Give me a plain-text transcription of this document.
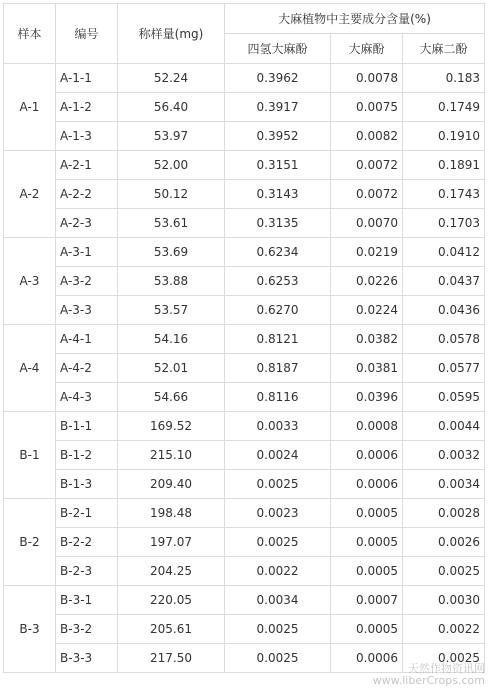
样本	编号	称样量(mg)	大麻植物中主要成分含量(%)		
			四氢大麻酚	大麻酚	大麻二酚
A-1	A-1-1	52.24	0.3962	0.0078	0.183
	A-1-2	56.40	0.3917	0.0075	0.1749
	A-1-3	53.97	0.3952	0.0082	0.1910
A-2	A-2-1	52.00	0.3151	0.0072	0.1891
	A-2-2	50.12	0.3143	0.0072	0.1743
	A-2-3	53.61	0.3135	0.0070	0.1703
A-3	A-3-1	53.69	0.6234	0.0219	0.0412
	A-3-2	53.88	0.6253	0.0226	0.0437
	A-3-3	53.57	0.6270	0.0224	0.0436
A-4	A-4-1	54.16	0.8121	0.0382	0.0578
	A-4-2	52.01	0.8187	0.0381	0.0577
	A-4-3	54.66	0.8116	0.0396	0.0595
B-1	B-1-1	169.52	0.0033	0.0008	0.0044
	B-1-2	215.10	0.0024	0.0006	0.0032
	B-1-3	209.40	0.0025	0.0006	0.0034
B-2	B-2-1	198.48	0.0023	0.0005	0.0028
	B-2-2	197.07	0.0025	0.0005	0.0026
	B-2-3	204.25	0.0022	0.0005	0.0025
B-3	B-3-1	220.05	0.0034	0.0007	0.0030
	B-3-2	205.61	0.0025	0.0005	0.0022
	B-3-3	217.50	0.0025	0.0006	0.0025
天然作物资讯网
www.liberCrops.com
